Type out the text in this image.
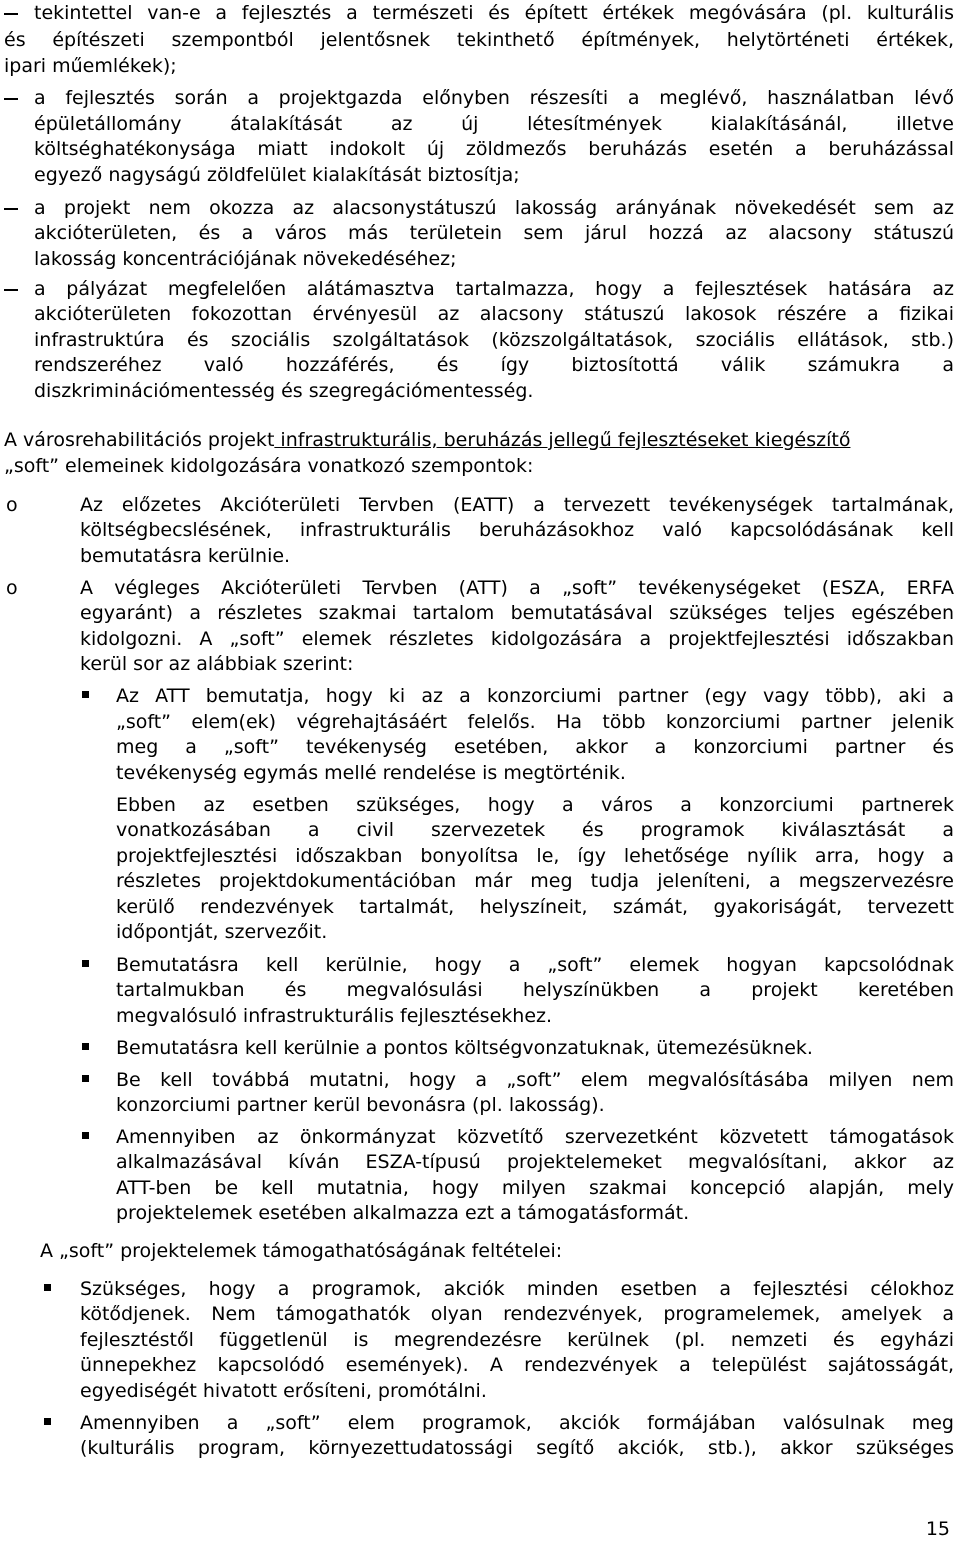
tekintettel van-e a fejlesztés a természeti és épített értékek megóvására (pl. kulturális
és építészeti szempontból jelentősnek tekinthető építmények, helytörténeti értékek,
ipari műemlékek);
a fejlesztés során a projektgazda előnyben részesíti a meglévő, használatban lévő
épületállomány átalakítását az új létesítmények kialakításánál, illetve
költséghatékonysága miatt indokolt új zöldmezős beruházás esetén a beruházással
egyező nagyságú zöldfelület kialakítását biztosítja;
a projekt nem okozza az alacsonystátuszú lakosság arányának növekedését sem az
akcióterületen, és a város más területein sem járul hozzá az alacsony státuszú
lakosság koncentrációjának növekedéséhez;
a pályázat megfelelően alátámasztva tartalmazza, hogy a fejlesztések hatására az
akcióterületen fokozottan érvényesül az alacsony státuszú lakosok részére a fizikai
infrastruktúra és szociális szolgáltatások (közszolgáltatások, szociális ellátások, stb.)
rendszeréhez való hozzáférés, és így biztosítottá válik számukra a
diszkriminációmentesség és szegregációmentesség.
A városrehabilitációs projekt infrastrukturális, beruházás jellegű fejlesztéseket kiegészítő
„soft” elemeinek kidolgozására vonatkozó szempontok:
o	Az előzetes Akcióterületi Tervben (EATT) a tervezett tevékenységek tartalmának,
költségbecslésének, infrastrukturális beruházásokhoz való kapcsolódásának kell
bemutatásra kerülnie.
o	A végleges Akcióterületi Tervben (ATT) a „soft” tevékenységeket (ESZA, ERFA
egyaránt) a részletes szakmai tartalom bemutatásával szükséges teljes egészében
kidolgozni. A „soft” elemek részletes kidolgozására a projektfejlesztési időszakban
kerül sor az alábbiak szerint:
Az ATT bemutatja, hogy ki az a konzorciumi partner (egy vagy több), aki a
„soft” elem(ek) végrehajtásáért felelős. Ha több konzorciumi partner jelenik
meg a „soft” tevékenység esetében, akkor a konzorciumi partner és
tevékenység egymás mellé rendelése is megtörténik.
Ebben az esetben szükséges, hogy a város a konzorciumi partnerek
vonatkozásában a civil szervezetek és programok kiválasztását a
projektfejlesztési időszakban bonyolítsa le, így lehetősége nyílik arra, hogy a
részletes projektdokumentációban már meg tudja jeleníteni, a megszervezésre
kerülő rendezvények tartalmát, helyszíneit, számát, gyakoriságát, tervezett
időpontját, szervezőit.
Bemutatásra kell kerülnie, hogy a „soft” elemek hogyan kapcsolódnak
tartalmukban és megvalósulási helyszínükben a projekt keretében
megvalósuló infrastrukturális fejlesztésekhez.
Bemutatásra kell kerülnie a pontos költségvonzatuknak, ütemezésüknek.
Be kell továbbá mutatni, hogy a „soft” elem megvalósításába milyen nem
konzorciumi partner kerül bevonásra (pl. lakosság).
Amennyiben az önkormányzat közvetítő szervezetként közvetett támogatások
alkalmazásával kíván ESZA-típusú projektelemeket megvalósítani, akkor az
ATT-ben be kell mutatnia, hogy milyen szakmai koncepció alapján, mely
projektelemek esetében alkalmazza ezt a támogatásformát.
A „soft” projektelemek támogathatóságának feltételei:
Szükséges, hogy a programok, akciók minden esetben a fejlesztési célokhoz
kötődjenek. Nem támogathatók olyan rendezvények, programelemek, amelyek a
fejlesztéstől függetlenül is megrendezésre kerülnek (pl. nemzeti és egyházi
ünnepekhez kapcsolódó események). A rendezvények a települést sajátosságát,
egyediségét hivatott erősíteni, promótálni.
Amennyiben a „soft” elem programok, akciók formájában valósulnak meg
(kulturális program, környezettudatossági segítő akciók, stb.), akkor szükséges
15
